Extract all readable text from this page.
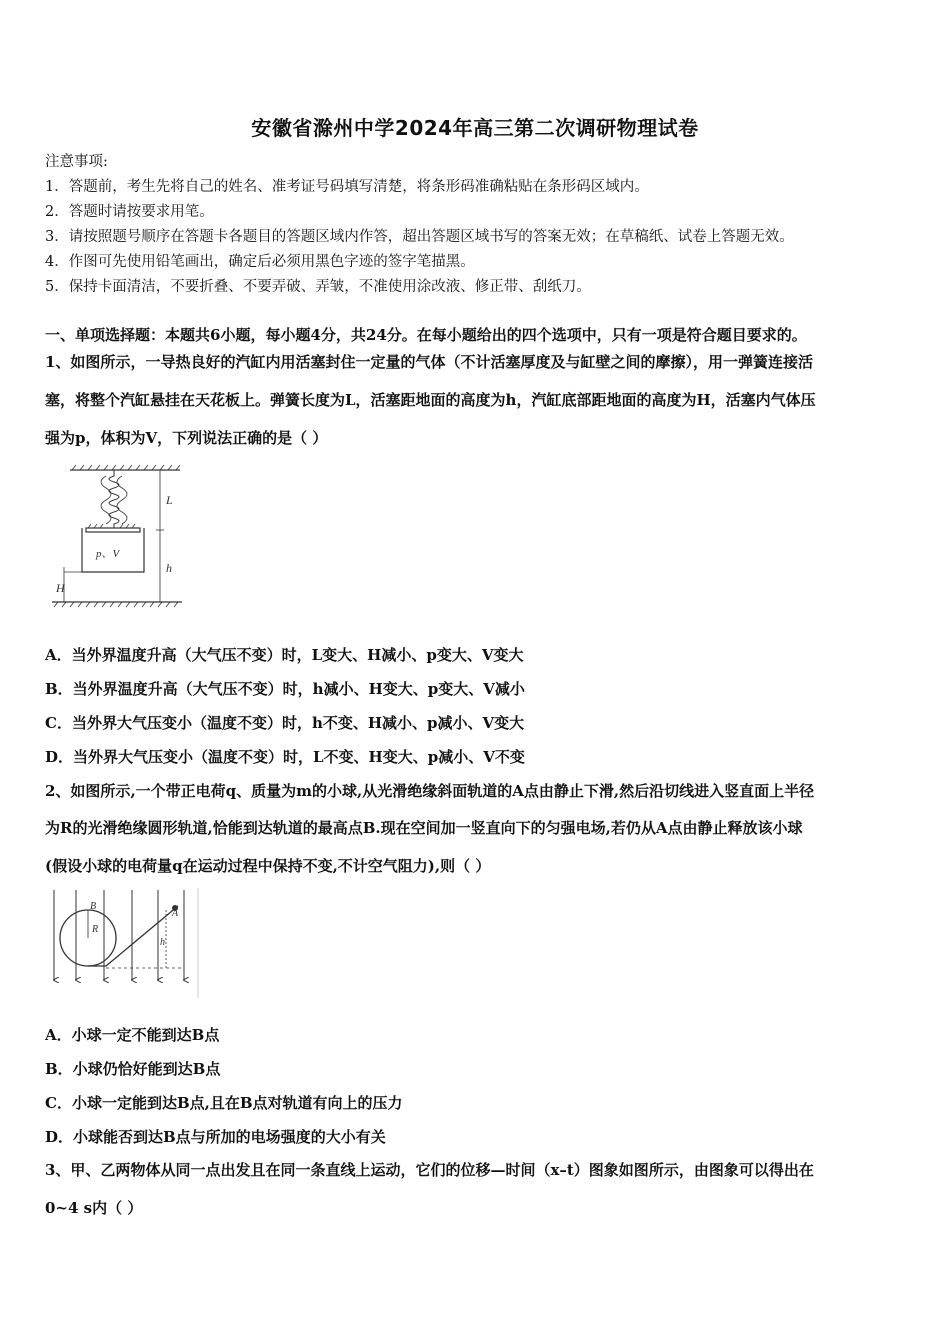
安徽省滁州中学2024年高三第二次调研物理试卷
注意事项:
1．答题前，考生先将自己的姓名、准考证号码填写清楚，将条形码准确粘贴在条形码区域内。
2．答题时请按要求用笔。
3．请按照题号顺序在答题卡各题目的答题区域内作答，超出答题区域书写的答案无效；在草稿纸、试卷上答题无效。
4．作图可先使用铅笔画出，确定后必须用黑色字迹的签字笔描黑。
5．保持卡面清洁，不要折叠、不要弄破、弄皱，不准使用涂改液、修正带、刮纸刀。
一、单项选择题：本题共6小题，每小题4分，共24分。在每小题给出的四个选项中，只有一项是符合题目要求的。
1、如图所示，一导热良好的汽缸内用活塞封住一定量的气体（不计活塞厚度及与缸壁之间的摩擦），用一弹簧连接活
塞，将整个汽缸悬挂在天花板上。弹簧长度为L，活塞距地面的高度为h，汽缸底部距地面的高度为H，活塞内气体压
强为p，体积为V，下列说法正确的是（ ）
L
h
H
p、V
A．当外界温度升高（大气压不变）时，L变大、H减小、p变大、V变大
B．当外界温度升高（大气压不变）时，h减小、H变大、p变大、V减小
C．当外界大气压变小（温度不变）时，h不变、H减小、p减小、V变大
D．当外界大气压变小（温度不变）时，L不变、H变大、p减小、V不变
2、如图所示,一个带正电荷q、质量为m的小球,从光滑绝缘斜面轨道的A点由静止下滑,然后沿切线进入竖直面上半径
为R的光滑绝缘圆形轨道,恰能到达轨道的最高点B.现在空间加一竖直向下的匀强电场,若仍从A点由静止释放该小球
(假设小球的电荷量q在运动过程中保持不变,不计空气阻力),则（ ）
B
R
A
h
A．小球一定不能到达B点
B．小球仍恰好能到达B点
C．小球一定能到达B点,且在B点对轨道有向上的压力
D．小球能否到达B点与所加的电场强度的大小有关
3、甲、乙两物体从同一点出发且在同一条直线上运动，它们的位移—时间（x–t）图象如图所示，由图象可以得出在
0~4 s内（ ）
